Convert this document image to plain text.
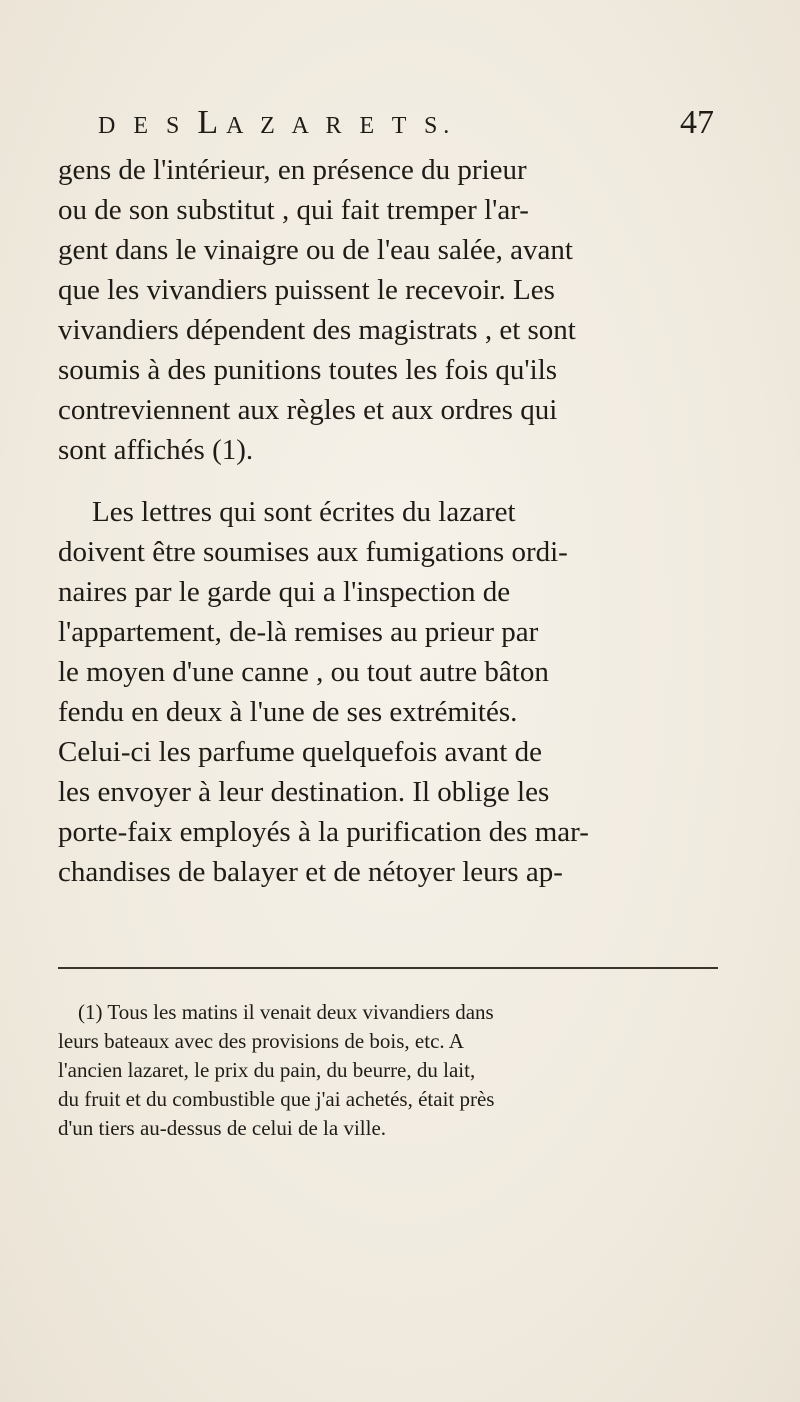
D E S LA Z A R E T S.	47
gens de l'intérieur, en présence du prieur
ou de son substitut , qui fait tremper l'ar-
gent dans le vinaigre ou de l'eau salée, avant
que les vivandiers puissent le recevoir. Les
vivandiers dépendent des magistrats , et sont
soumis à des punitions toutes les fois qu'ils
contreviennent aux règles et aux ordres qui
sont affichés (1).
Les lettres qui sont écrites du lazaret
doivent être soumises aux fumigations ordi-
naires par le garde qui a l'inspection de
l'appartement, de-là remises au prieur par
le moyen d'une canne , ou tout autre bâton
fendu en deux à l'une de ses extrémités.
Celui-ci les parfume quelquefois avant de
les envoyer à leur destination. Il oblige les
porte-faix employés à la purification des mar-
chandises de balayer et de nétoyer leurs ap-
(1) Tous les matins il venait deux vivandiers dans
leurs bateaux avec des provisions de bois, etc. A
l'ancien lazaret, le prix du pain, du beurre, du lait,
du fruit et du combustible que j'ai achetés, était près
d'un tiers au-dessus de celui de la ville.
